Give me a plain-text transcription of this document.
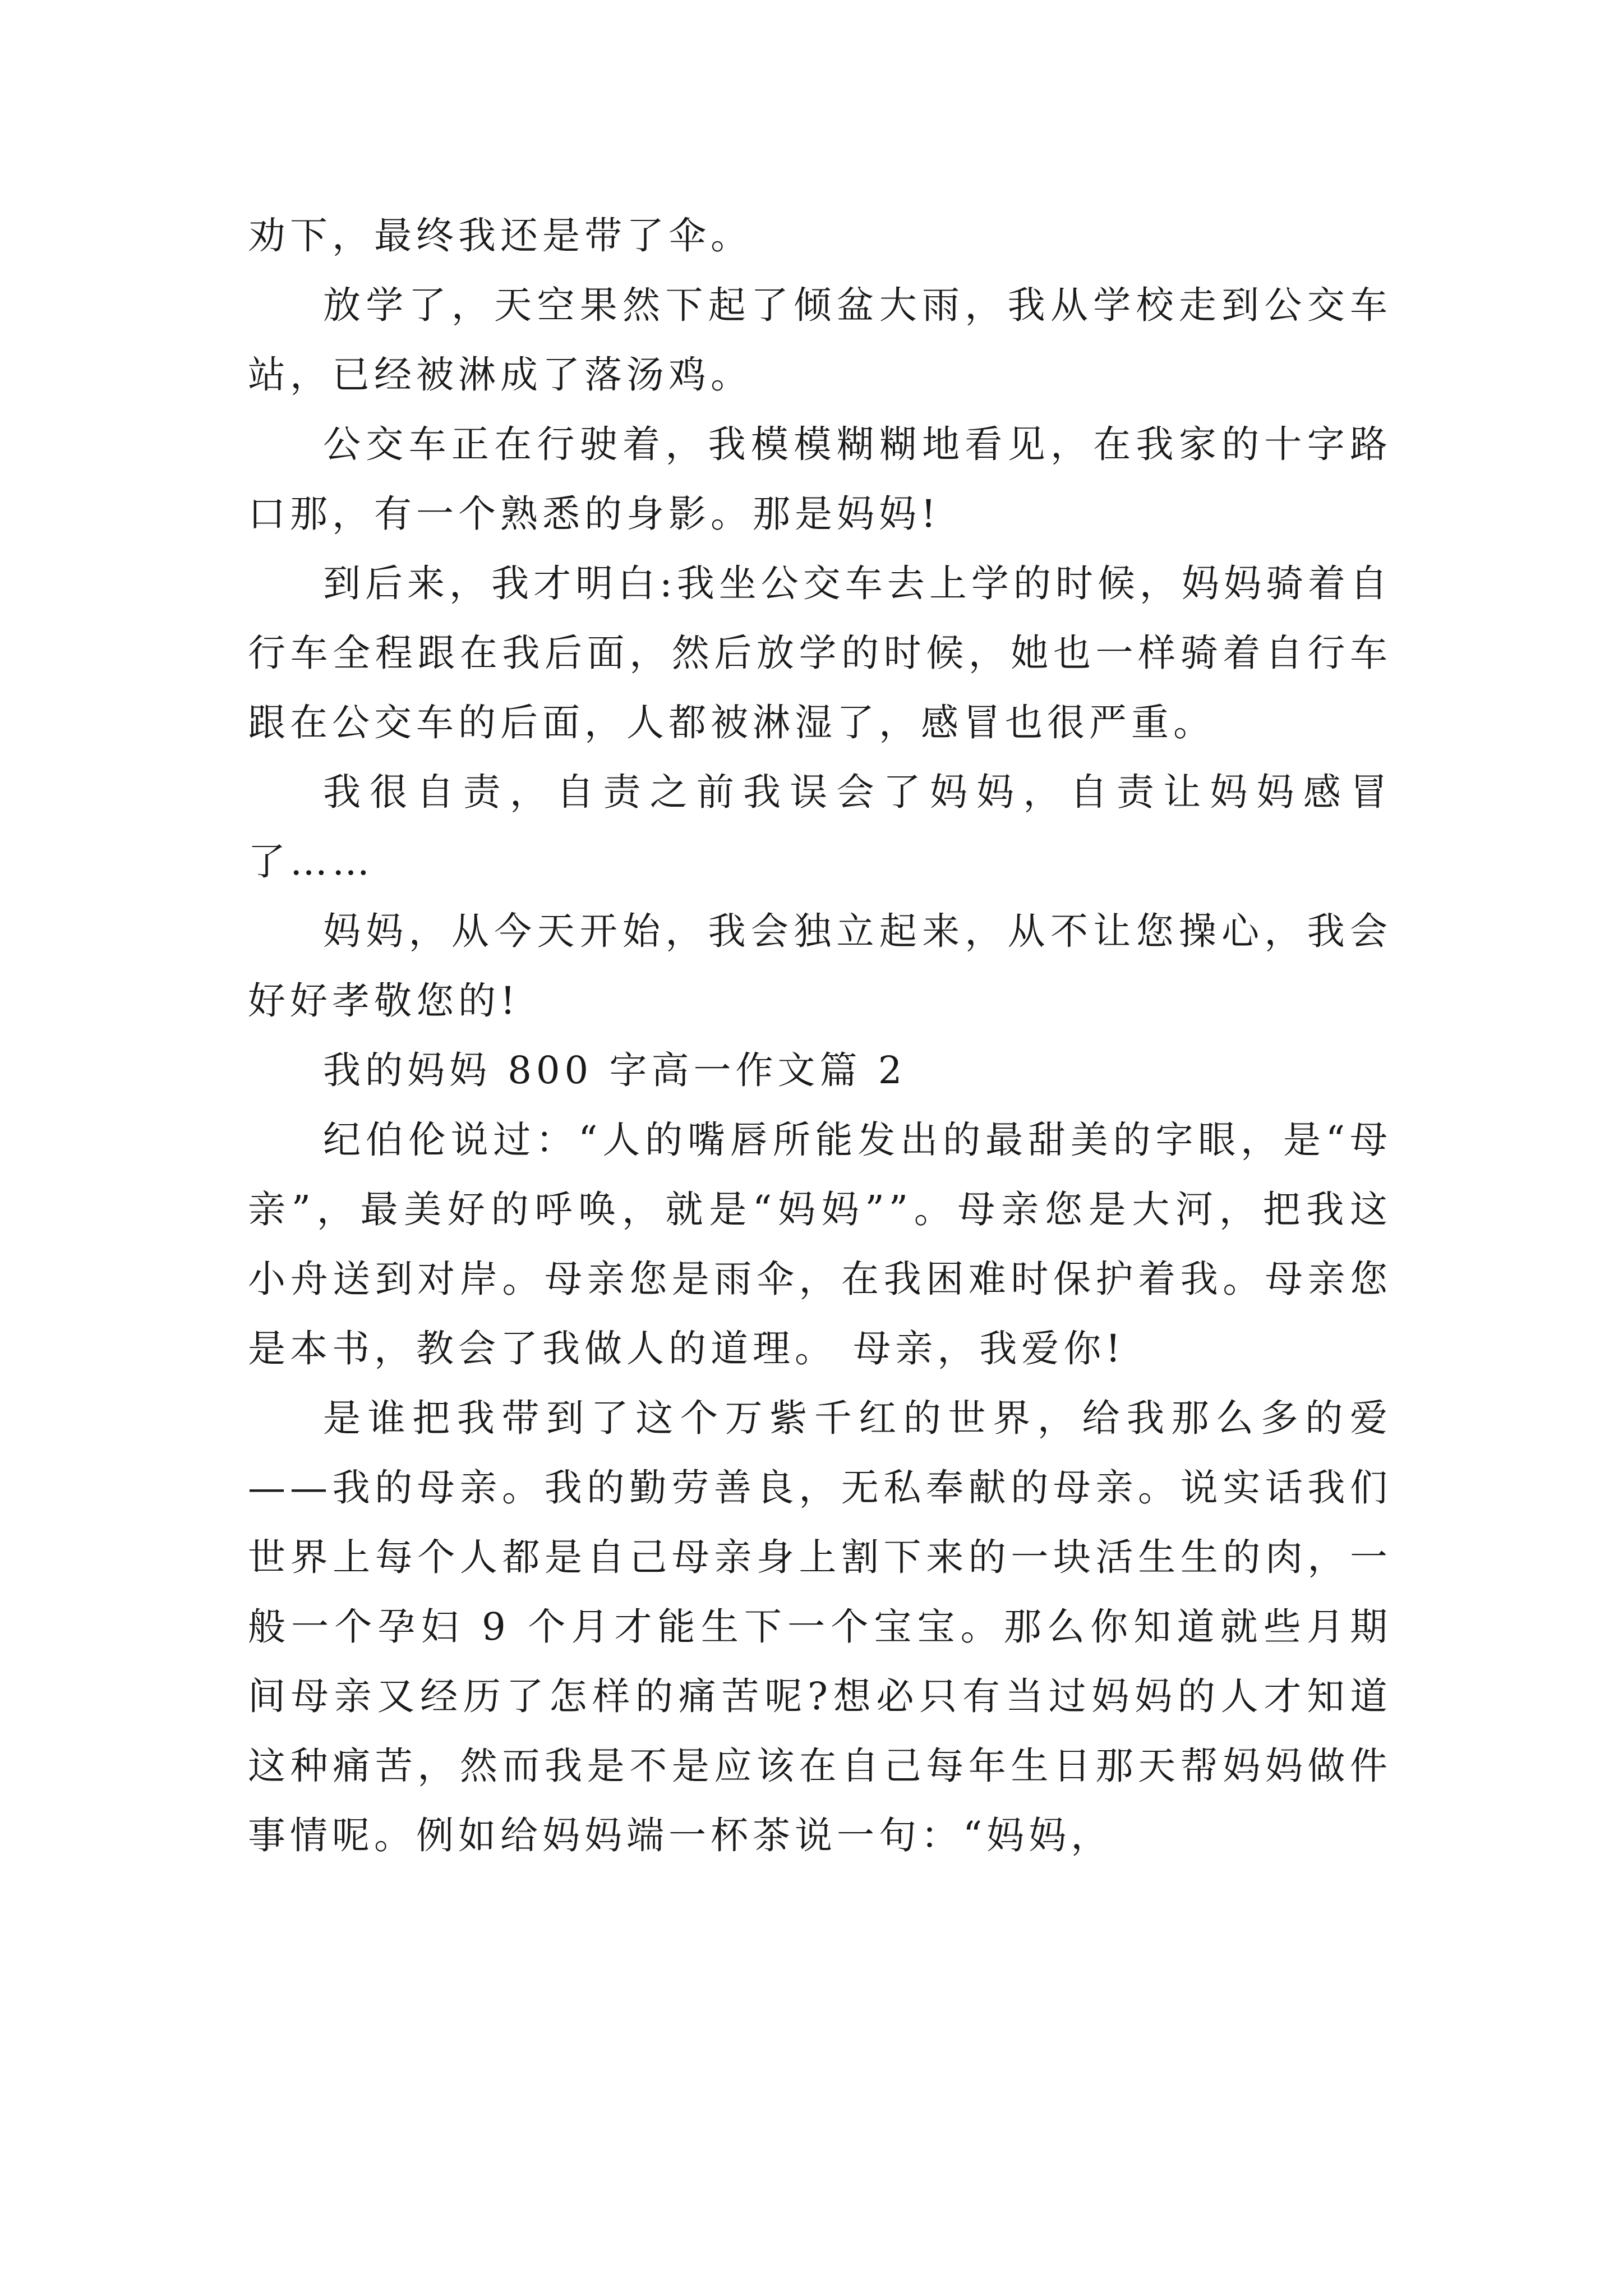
劝下，最终我还是带了伞。

放学了，天空果然下起了倾盆大雨，我从学校走到公交车站，已经被淋成了落汤鸡。

公交车正在行驶着，我模模糊糊地看见，在我家的十字路口那，有一个熟悉的身影。那是妈妈!

到后来，我才明白:我坐公交车去上学的时候，妈妈骑着自行车全程跟在我后面，然后放学的时候，她也一样骑着自行车跟在公交车的后面，人都被淋湿了，感冒也很严重。

我很自责，自责之前我误会了妈妈，自责让妈妈感冒了……

妈妈，从今天开始，我会独立起来，从不让您操心，我会好好孝敬您的!

我的妈妈 800 字高一作文篇 2

纪伯伦说过：“人的嘴唇所能发出的最甜美的字眼，是“母亲”，最美好的呼唤，就是“妈妈””。母亲您是大河，把我这小舟送到对岸。母亲您是雨伞，在我困难时保护着我。母亲您是本书，教会了我做人的道理。 母亲，我爱你!

是谁把我带到了这个万紫千红的世界，给我那么多的爱——我的母亲。我的勤劳善良，无私奉献的母亲。说实话我们世界上每个人都是自己母亲身上割下来的一块活生生的肉，一般一个孕妇 9 个月才能生下一个宝宝。那么你知道就些月期间母亲又经历了怎样的痛苦呢?想必只有当过妈妈的人才知道这种痛苦，然而我是不是应该在自己每年生日那天帮妈妈做件事情呢。例如给妈妈端一杯茶说一句：“妈妈，
